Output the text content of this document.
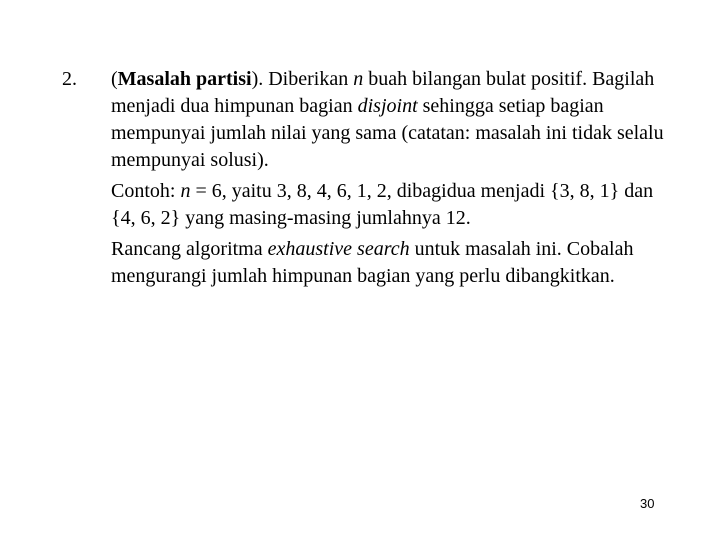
2. (Masalah partisi). Diberikan n buah bilangan bulat positif. Bagilah menjadi dua himpunan bagian disjoint sehingga setiap bagian mempunyai jumlah nilai yang sama (catatan: masalah ini tidak selalu mempunyai solusi).

Contoh: n = 6, yaitu 3, 8, 4, 6, 1, 2, dibagidua menjadi {3, 8, 1} dan {4, 6, 2} yang masing-masing jumlahnya 12.

Rancang algoritma exhaustive search untuk masalah ini. Cobalah mengurangi jumlah himpunan bagian yang perlu dibangkitkan.

30
